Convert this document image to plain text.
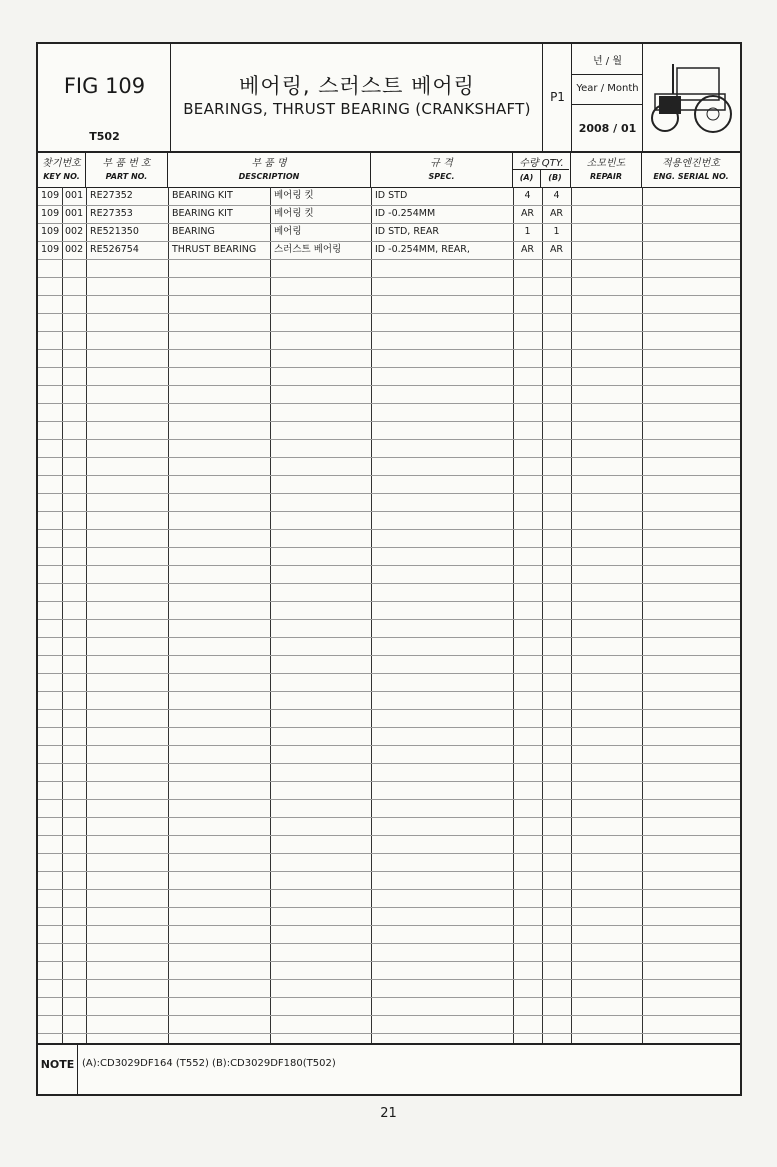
FIG 109
T502
베어링, 스러스트 베어링
BEARINGS, THRUST BEARING (CRANKSHAFT)
P1
년 / 월
Year / Month
2008 / 01
찾기번호
KEY NO.
부 품 번 호
PART NO.
부 품 명
DESCRIPTION
규 격
SPEC.
수량 QTY.
(A)	(B)
소모빈도
REPAIR
적용엔진번호
ENG. SERIAL NO.
109 001 RE27352	BEARING KIT	베어링 킷	ID STD	4	4
109 001 RE27353	BEARING KIT	베어링 킷	ID -0.254MM	AR	AR
109 002 RE521350	BEARING	베어링	ID STD, REAR	1	1
109 002 RE526754	THRUST BEARING 스러스트 베어링	ID -0.254MM, REAR,	AR	AR
NOTE (A):CD3029DF164 (T552) (B):CD3029DF180(T502)
21
